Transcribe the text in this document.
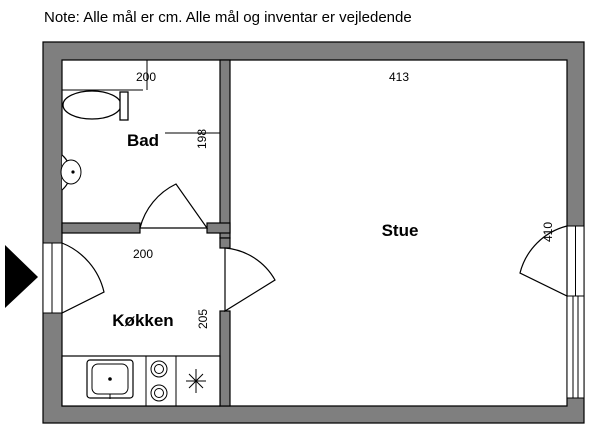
Note: Alle mål er cm. Alle mål og inventar er vejledende
200
198
Bad
413
410
Stue
200
205
Køkken
